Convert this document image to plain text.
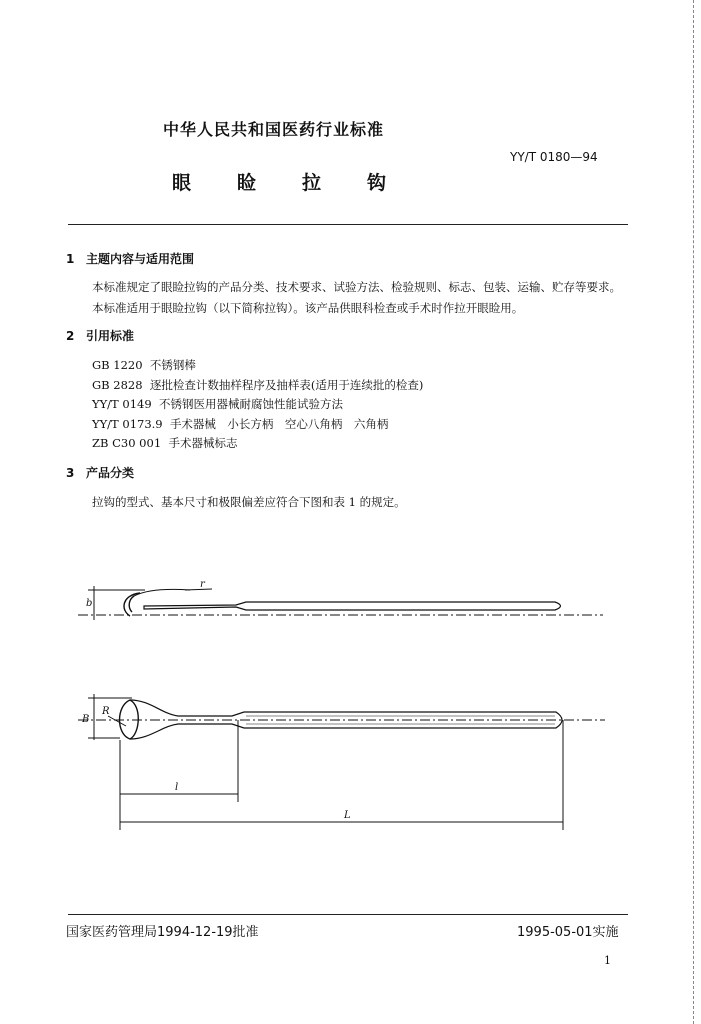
中华人民共和国医药行业标准
YY/T 0180—94
眼睑拉钩
1 主题内容与适用范围
本标准规定了眼睑拉钩的产品分类、技术要求、试验方法、检验规则、标志、包装、运输、贮存等要求。
本标准适用于眼睑拉钩（以下简称拉钩）。该产品供眼科检查或手术时作拉开眼睑用。
2 引用标准
GB 1220 不锈钢棒
GB 2828 逐批检查计数抽样程序及抽样表(适用于连续批的检查)
YY/T 0149 不锈钢医用器械耐腐蚀性能试验方法
YY/T 0173.9 手术器械　小长方柄　空心八角柄　六角柄
ZB C30 001 手术器械标志
3 产品分类
拉钩的型式、基本尺寸和极限偏差应符合下图和表 1 的规定。
r
b
R
B
l
L
国家医药管理局1994-12-19批准	1995-05-01实施
1
